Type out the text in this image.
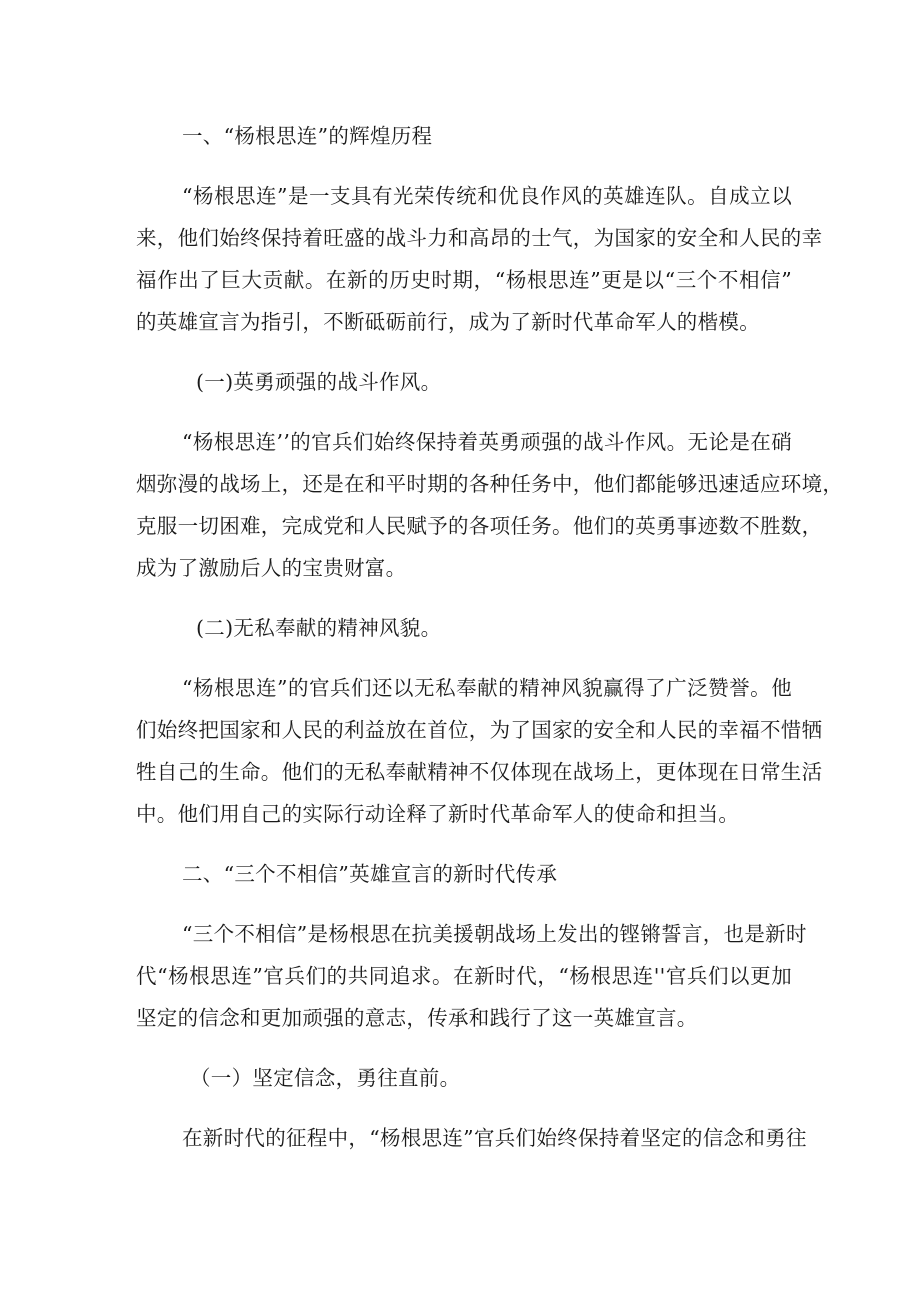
一、“杨根思连”的辉煌历程
“杨根思连”是一支具有光荣传统和优良作风的英雄连队。自成立以
来，他们始终保持着旺盛的战斗力和高昂的士气，为国家的安全和人民的幸
福作出了巨大贡献。在新的历史时期，“杨根思连”更是以“三个不相信”
的英雄宣言为指引，不断砥砺前行，成为了新时代革命军人的楷模。
(一)英勇顽强的战斗作风。
“杨根思连’’的官兵们始终保持着英勇顽强的战斗作风。无论是在硝
烟弥漫的战场上，还是在和平时期的各种任务中，他们都能够迅速适应环境，
克服一切困难，完成党和人民赋予的各项任务。他们的英勇事迹数不胜数，
成为了激励后人的宝贵财富。
(二)无私奉献的精神风貌。
“杨根思连”的官兵们还以无私奉献的精神风貌赢得了广泛赞誉。他
们始终把国家和人民的利益放在首位，为了国家的安全和人民的幸福不惜牺
牲自己的生命。他们的无私奉献精神不仅体现在战场上，更体现在日常生活
中。他们用自己的实际行动诠释了新时代革命军人的使命和担当。
二、“三个不相信”英雄宣言的新时代传承
“三个不相信”是杨根思在抗美援朝战场上发出的铿锵誓言，也是新时
代“杨根思连”官兵们的共同追求。在新时代，“杨根思连''官兵们以更加
坚定的信念和更加顽强的意志，传承和践行了这一英雄宣言。
（一）坚定信念，勇往直前。
在新时代的征程中，“杨根思连”官兵们始终保持着坚定的信念和勇往
